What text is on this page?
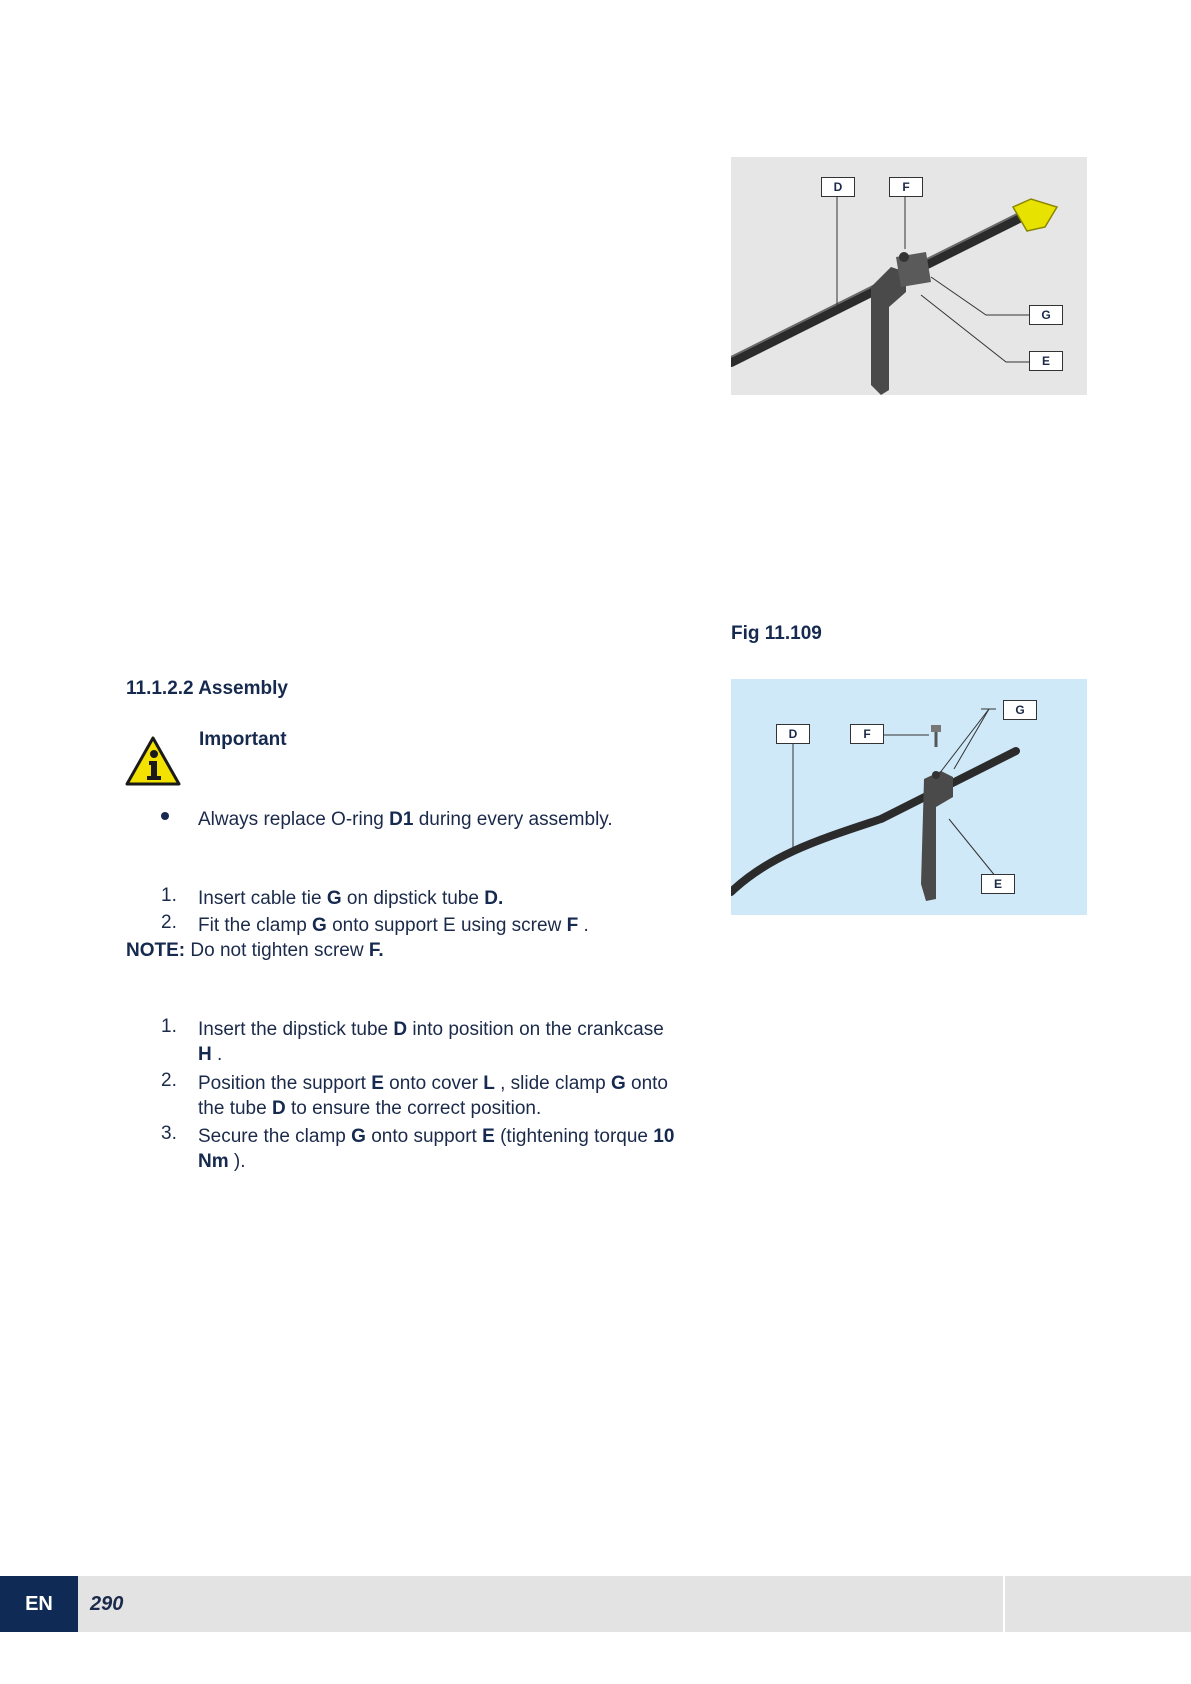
D	F
G
E
Fig 11.109
D	F
G
E
11.1.2.2 Assembly
Important
Always replace O-ring D1 during every assembly.
1.	Insert cable tie G on dipstick tube D.
2.	Fit the clamp G onto support E using screw F .
NOTE: Do not tighten screw F.
1.	Insert the dipstick tube D into position on the crankcase
H .
2.	Position the support E onto cover L , slide clamp G onto
the tube D to ensure the correct position.
3.	Secure the clamp G onto support E (tightening torque 10
Nm ).
EN	290
